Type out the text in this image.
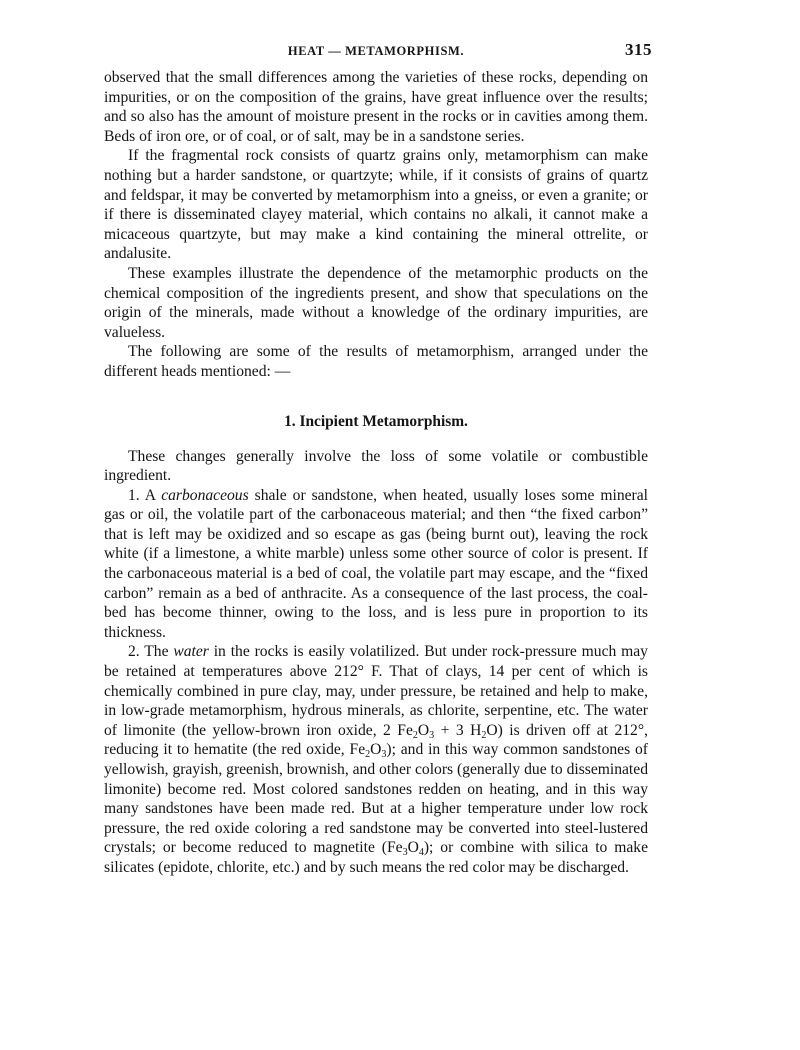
HEAT — METAMORPHISM.	315

observed that the small differences among the varieties of these rocks, depending on impurities, or on the composition of the grains, have great influence over the results; and so also has the amount of moisture present in the rocks or in cavities among them. Beds of iron ore, or of coal, or of salt, may be in a sandstone series.

If the fragmental rock consists of quartz grains only, metamorphism can make nothing but a harder sandstone, or quartzyte; while, if it consists of grains of quartz and feldspar, it may be converted by metamorphism into a gneiss, or even a granite; or if there is disseminated clayey material, which contains no alkali, it cannot make a micaceous quartzyte, but may make a kind containing the mineral ottrelite, or andalusite.

These examples illustrate the dependence of the metamorphic products on the chemical composition of the ingredients present, and show that speculations on the origin of the minerals, made without a knowledge of the ordinary impurities, are valueless.

The following are some of the results of metamorphism, arranged under the different heads mentioned: —

1. Incipient Metamorphism.

These changes generally involve the loss of some volatile or combustible ingredient.

1. A carbonaceous shale or sandstone, when heated, usually loses some mineral gas or oil, the volatile part of the carbonaceous material; and then “the fixed carbon” that is left may be oxidized and so escape as gas (being burnt out), leaving the rock white (if a limestone, a white marble) unless some other source of color is present. If the carbonaceous material is a bed of coal, the volatile part may escape, and the “fixed carbon” remain as a bed of anthracite. As a consequence of the last process, the coal-bed has become thinner, owing to the loss, and is less pure in proportion to its thickness.

2. The water in the rocks is easily volatilized. But under rock-pressure much may be retained at temperatures above 212° F. That of clays, 14 per cent of which is chemically combined in pure clay, may, under pressure, be retained and help to make, in low-grade metamorphism, hydrous minerals, as chlorite, serpentine, etc. The water of limonite (the yellow-brown iron oxide, 2 $Fe_2O_3 + 3$ $H_2O$) is driven off at 212°, reducing it to hematite (the red oxide, $Fe_2O_3$); and in this way common sandstones of yellowish, grayish, greenish, brownish, and other colors (generally due to disseminated limonite) become red. Most colored sandstones redden on heating, and in this way many sandstones have been made red. But at a higher temperature under low rock pressure, the red oxide coloring a red sandstone may be converted into steel-lustered crystals; or become reduced to magnetite $(Fe_3O_4)$; or combine with silica to make silicates (epidote, chlorite, etc.) and by such means the red color may be discharged.
